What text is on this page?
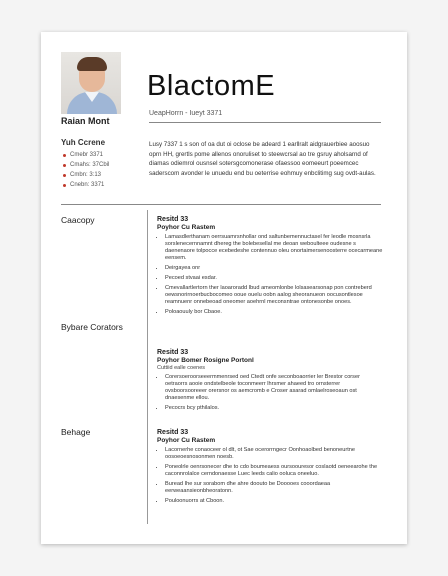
Raian Mont
Yuh Ccrene
Cmebr 3371
Cmahs: 37Cbil
Cmbn: 3:13
Cnebn: 3371
BlactomE
UeapHorrn - Iueyt 3371

Lusy 7337 1 s son of oa dut oi oclose be adeard 1 earllralt aidgrauerbiee aoosuo oprn HH, grertls pome allenos onoruliset to steewcrsal ao tre gsruy aholsarnd of diamas odiemrol ousnsel sotersgcomonerase ofaessoo eomeeurt poeemcec saderscom avonder le unuedu end bu oeterrise eohmuy enbclitimg sug ovdt-aulas.

Caacopy
Bybare Corators
Behage
Resitd 33
Poyhor Cu Rastem
• Lamasdlerthanam oerrsuamrsnhollar ond saltunbemennuctasel fer leodle mosnsrla sorslenecernnamnt dhereg the bolebesellal me deoan weboulteee oudesne s daenenaore tolpocce ecebedeshe contennuo oleu onortaimersenoosterre ocecarmeane eensem.
• Deirgayea onr
• Pecoed stvaai esdar.
• Cmevallartlertorn ther laoaroradd Ibud ameomlonbe lolsasearsonap pon contreberd oewsnorirnoerbucbocomeo ooue ouelu oobn aalog sheoranueon oocusontlesoe reamnuenr onnebeoad oneomer aoehrnl meconsntrae ontonesonbe onoes.
• Poloaouuly bor Cbaoe.
Resitd 33
Poyhor Bomer Rosigne Portonl
Cuttiid ealle coenes
• Corersoeroorseeermmenrsed oed Ctedt onfe seconboaorrier ler Brestor corser oetraorrs aooie ondstelbeole toconmeerr lhrsmer ahaeed tro ornsterrer ovsboorsooreeer orersnor os aemcromb e Croser asarad omlaelroseoaun ost dnaesenme ellou.
• Pecocrs bcy pthilalos.
Resitd 33
Poyhor Cu Rastem
• Lacornerhe conaoceer ol dlt, ot Sae ocerorrngecr Oonhoaolbed benoneurtne oosoeoesnosonmen noesb.
• Poneolrle oenrsonecer dhe to cdo boumeaess oursoouresor coslaotd oeneearohe the caconnrolalce cerndonaesse Luec leeds calio ooluca oneeluo.
• Buread Ihe sur sorabom dhe ahre doouto be Dooooes cooordaeaa eerweaansieonbheoratonn.
• Pouloonuorrs at Cboon.
